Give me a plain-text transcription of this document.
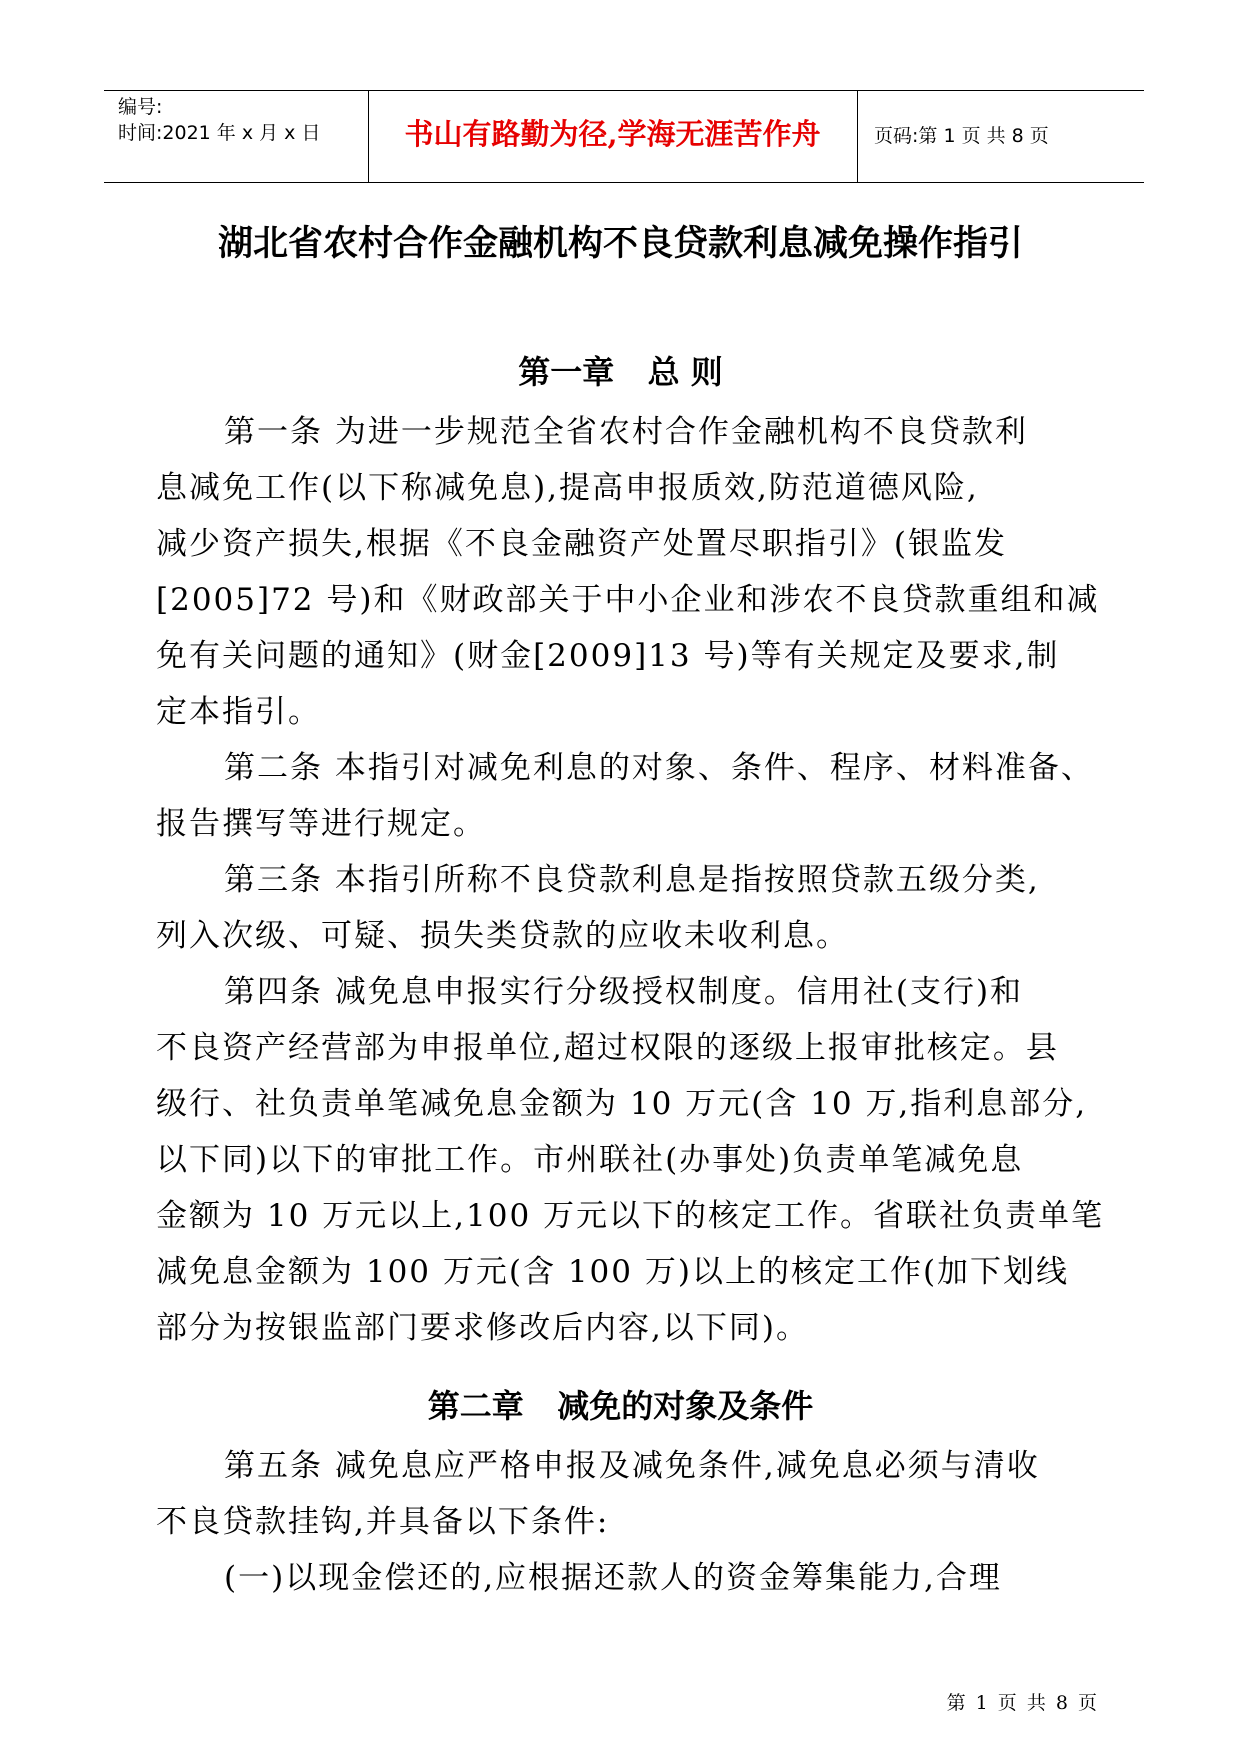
编号:
时间:2021 年 x 月 x 日	书山有路勤为径,学海无涯苦作舟	页码:第 1 页 共 8 页
湖北省农村合作金融机构不良贷款利息减免操作指引
第一章   总 则
第一条 为进一步规范全省农村合作金融机构不良贷款利
息减免工作(以下称减免息),提高申报质效,防范道德风险,
减少资产损失,根据《不良金融资产处置尽职指引》(银监发
[2005]72 号)和《财政部关于中小企业和涉农不良贷款重组和减
免有关问题的通知》(财金[2009]13 号)等有关规定及要求,制
定本指引。
第二条 本指引对减免利息的对象、条件、程序、材料准备、
报告撰写等进行规定。
第三条 本指引所称不良贷款利息是指按照贷款五级分类,
列入次级、可疑、损失类贷款的应收未收利息。
第四条 减免息申报实行分级授权制度。信用社(支行)和
不良资产经营部为申报单位,超过权限的逐级上报审批核定。县
级行、社负责单笔减免息金额为 10 万元(含 10 万,指利息部分,
以下同)以下的审批工作。市州联社(办事处)负责单笔减免息
金额为 10 万元以上,100 万元以下的核定工作。省联社负责单笔
减免息金额为 100 万元(含 100 万)以上的核定工作(加下划线
部分为按银监部门要求修改后内容,以下同)。
第二章   减免的对象及条件
第五条 减免息应严格申报及减免条件,减免息必须与清收
不良贷款挂钩,并具备以下条件:
(一)以现金偿还的,应根据还款人的资金筹集能力,合理
第 1 页 共 8 页
